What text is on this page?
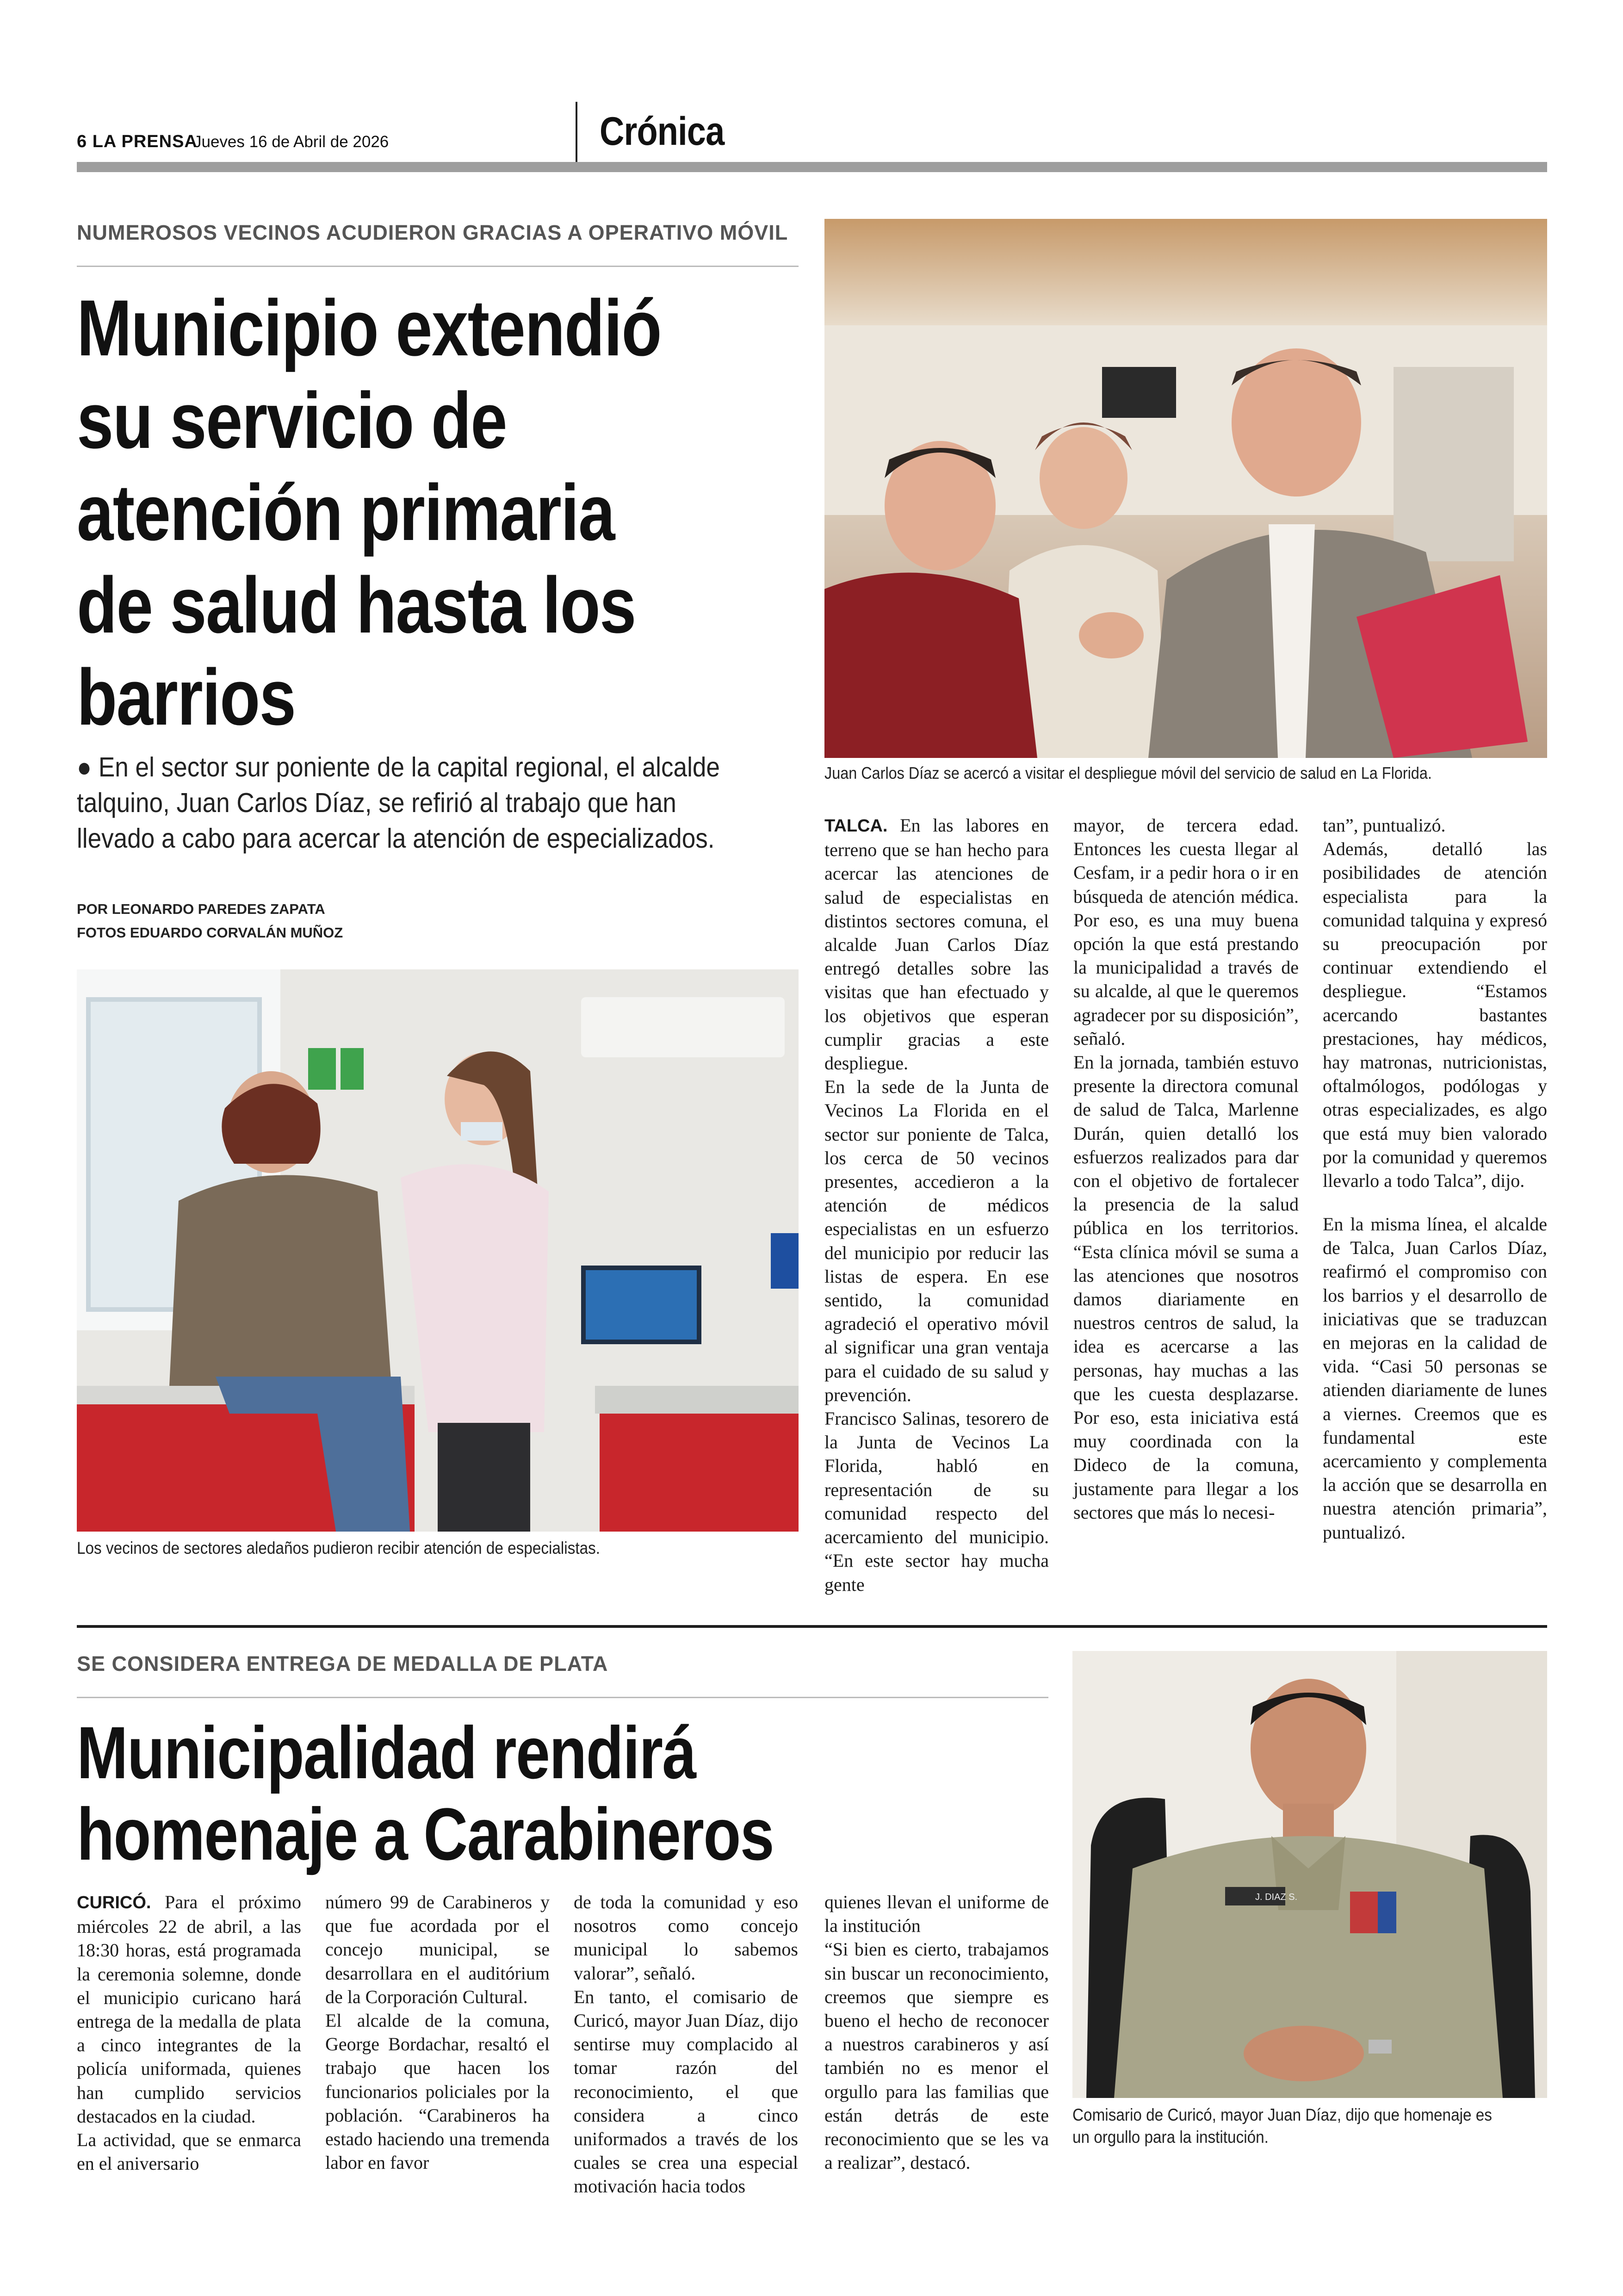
6 LA PRENSA
Jueves 16 de Abril de 2026	Crónica
NUMEROSOS VECINOS ACUDIERON GRACIAS A OPERATIVO MÓVIL
Municipio extendió
su servicio de
atención primaria
de salud hasta los
barrios
● En el sector sur poniente de la capital regional, el alcalde
talquino, Juan Carlos Díaz, se refirió al trabajo que han
llevado a cabo para acercar la atención de especializados.
POR LEONARDO PAREDES ZAPATA
FOTOS EDUARDO CORVALÁN MUÑOZ
Juan Carlos Díaz se acercó a visitar el despliegue móvil del servicio de salud en La Florida.
Los vecinos de sectores aledaños pudieron recibir atención de especialistas.

TALCA. En las labores en terreno que se han hecho para acercar las atenciones de salud de especialistas en distintos sectores comuna, el alcalde Juan Carlos Díaz entregó detalles sobre las visitas que han efectuado y los objetivos que esperan cumplir gracias a este despliegue.

En la sede de la Junta de Vecinos La Florida en el sector sur poniente de Talca, los cerca de 50 vecinos presentes, accedieron a la atención de médicos especialistas en un esfuerzo del municipio por reducir las listas de espera. En ese sentido, la comunidad agradeció el operativo móvil al significar una gran ventaja para el cuidado de su salud y prevención.

Francisco Salinas, tesorero de la Junta de Vecinos La Florida, habló en representación de su comunidad respecto del acercamiento del municipio. “En este sector hay mucha gente

mayor, de tercera edad. Entonces les cuesta llegar al Cesfam, ir a pedir hora o ir en búsqueda de atención médica. Por eso, es una muy buena opción la que está prestando la municipalidad a través de su alcalde, al que le queremos agradecer por su disposición”, señaló.

En la jornada, también estuvo presente la directora comunal de salud de Talca, Marlenne Durán, quien detalló los esfuerzos realizados para dar con el objetivo de fortalecer la presencia de la salud pública en los territorios. “Esta clínica móvil se suma a las atenciones que nosotros damos diariamente en nuestros centros de salud, la idea es acercarse a las personas, hay muchas a las que les cuesta desplazarse. Por eso, esta iniciativa está muy coordinada con la Dideco de la comuna, justamente para llegar a los sectores que más lo necesi-

tan”, puntualizó.

Además, detalló las posibilidades de atención especialista para la comunidad talquina y expresó su preocupación por continuar extendiendo el despliegue. “Estamos acercando bastantes prestaciones, hay médicos, hay matronas, nutricionistas, oftalmólogos, podólogas y otras especializades, es algo que está muy bien valorado por la comunidad y queremos llevarlo a todo Talca”, dijo.

En la misma línea, el alcalde de Talca, Juan Carlos Díaz, reafirmó el compromiso con los barrios y el desarrollo de iniciativas que se traduzcan en mejoras en la calidad de vida. “Casi 50 personas se atienden diariamente de lunes a viernes. Creemos que es fundamental este acercamiento y complementa la acción que se desarrolla en nuestra atención primaria”, puntualizó.

SE CONSIDERA ENTREGA DE MEDALLA DE PLATA
Municipalidad rendirá
homenaje a Carabineros

CURICÓ. Para el próximo miércoles 22 de abril, a las 18:30 horas, está programada la ceremonia solemne, donde el municipio curicano hará entrega de la medalla de plata a cinco integrantes de la policía uniformada, quienes han cumplido servicios destacados en la ciudad.

La actividad, que se enmarca en el aniversario

número 99 de Carabineros y que fue acordada por el concejo municipal, se desarrollara en el auditórium de la Corporación Cultural.

El alcalde de la comuna, George Bordachar, resaltó el trabajo que hacen los funcionarios policiales por la población. “Carabineros ha estado haciendo una tremenda labor en favor

de toda la comunidad y eso nosotros como concejo municipal lo sabemos valorar”, señaló.

En tanto, el comisario de Curicó, mayor Juan Díaz, dijo sentirse muy complacido al tomar razón del reconocimiento, el que considera a cinco uniformados a través de los cuales se crea una especial motivación hacia todos

quienes llevan el uniforme de la institución

“Si bien es cierto, trabajamos sin buscar un reconocimiento, creemos que siempre es bueno el hecho de reconocer a nuestros carabineros y así también no es menor el orgullo para las familias que están detrás de este reconocimiento que se les va a realizar”, destacó.

J. DIAZ S.
Comisario de Curicó, mayor Juan Díaz, dijo que homenaje es
un orgullo para la institución.
